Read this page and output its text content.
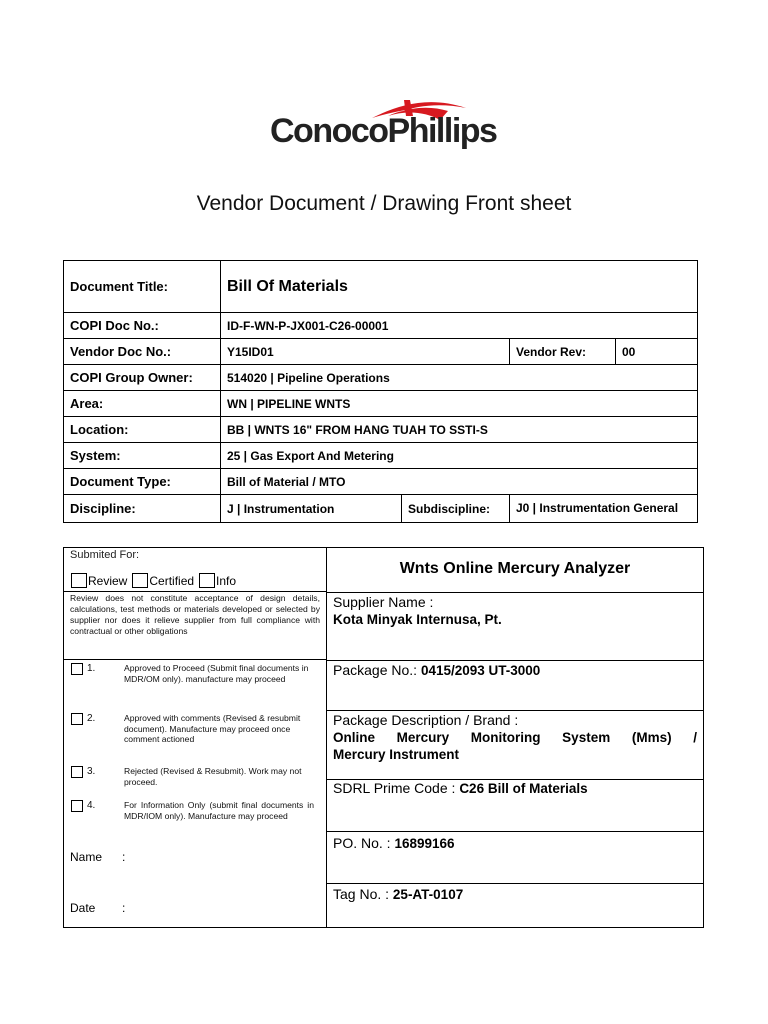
ConocoPhillips
Vendor Document / Drawing Front sheet
Document Title:	Bill Of Materials		
COPI Doc No.:	ID-F-WN-P-JX001-C26-00001		
Vendor Doc No.:	Y15ID01		Vendor Rev: 00

COPI Group Owner:	514020 | Pipeline Operations		
Area:	WN | PIPELINE WNTS		
Location:	BB | WNTS 16" FROM HANG TUAH TO SSTI-S		
System:	25 | Gas Export And Metering		
Document Type:	Bill of Material / MTO		
Discipline:	J | Instrumentation	Subdiscipline:	J0 | Instrumentation General
Submited For:
Review Certified Info
Review does not constitute acceptance of design details, calculations, test methods or materials developed or selected by supplier nor does it relieve supplier from full compliance with contractual or other obligations
1.	Approved to Proceed (Submit final documents in MDR/OM only). manufacture may proceed
2.	Approved with comments (Revised & resubmit document). Manufacture may proceed once comment actioned
3.	Rejected (Revised & Resubmit). Work may not proceed.
4.	For Information Only (submit final documents in MDR/IOM only). Manufacture may proceed
Name :
Date :
Wnts Online Mercury Analyzer
Supplier Name :
Kota Minyak Internusa, Pt.
Package No.: 0415/2093 UT-3000
Package Description / Brand :
Online Mercury Monitoring System (Mms) /
Mercury Instrument
SDRL Prime Code : C26 Bill of Materials
PO. No. : 16899166
Tag No. : 25-AT-0107
